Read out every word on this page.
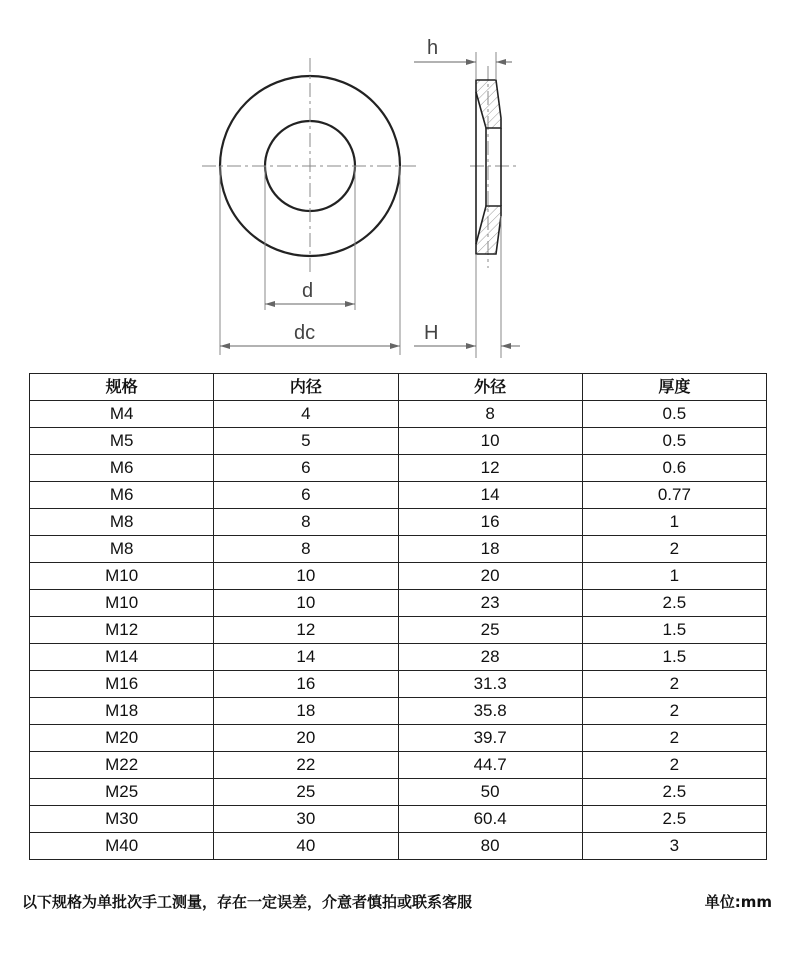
d
dc
h
H
规格	内径	外径	厚度
M4	4	8	0.5
M5	5	10	0.5
M6	6	12	0.6
M6	6	14	0.77
M8	8	16	1
M8	8	18	2
M10	10	20	1
M10	10	23	2.5
M12	12	25	1.5
M14	14	28	1.5
M16	16	31.3	2
M18	18	35.8	2
M20	20	39.7	2
M22	22	44.7	2
M25	25	50	2.5
M30	30	60.4	2.5
M40	40	80	3
以下规格为单批次手工测量，存在一定误差，介意者慎拍或联系客服	单位:mm
